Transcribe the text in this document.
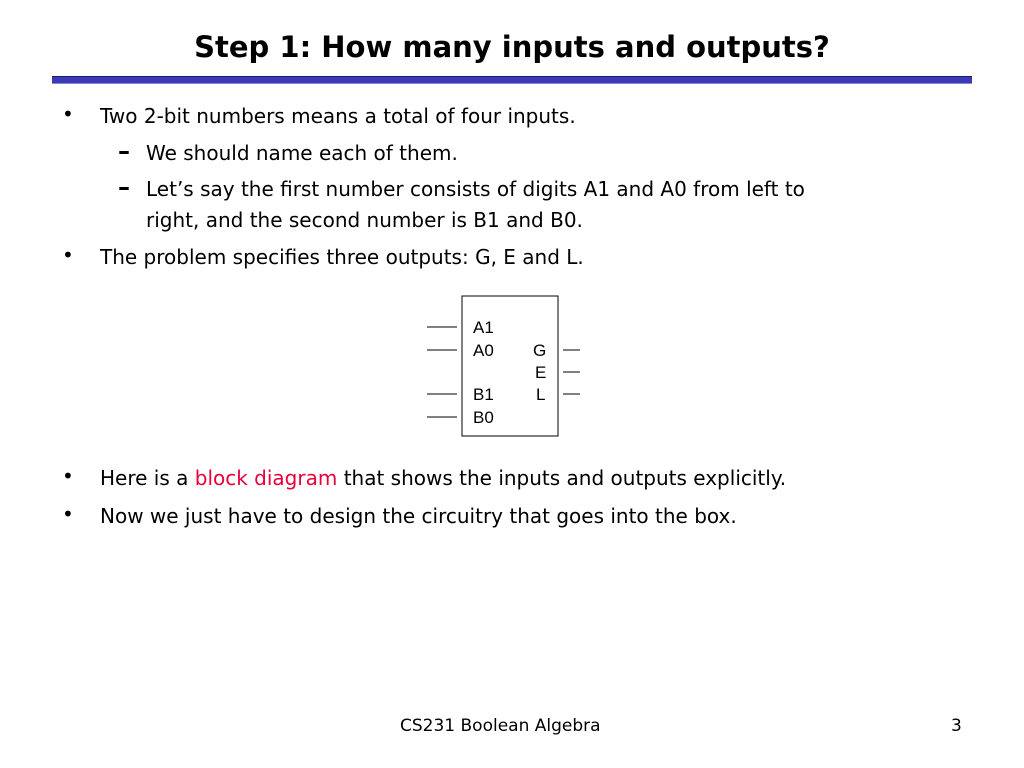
Step 1: How many inputs and outputs?
• Two 2-bit numbers means a total of four inputs.
– We should name each of them.
– Let’s say the first number consists of digits A1 and A0 from left to
right, and the second number is B1 and B0.
• The problem specifies three outputs: G, E and L.
A1
A0
B1
B0
G
E
L
• Here is a block diagram that shows the inputs and outputs explicitly.
• Now we just have to design the circuitry that goes into the box.
CS231 Boolean Algebra	3
